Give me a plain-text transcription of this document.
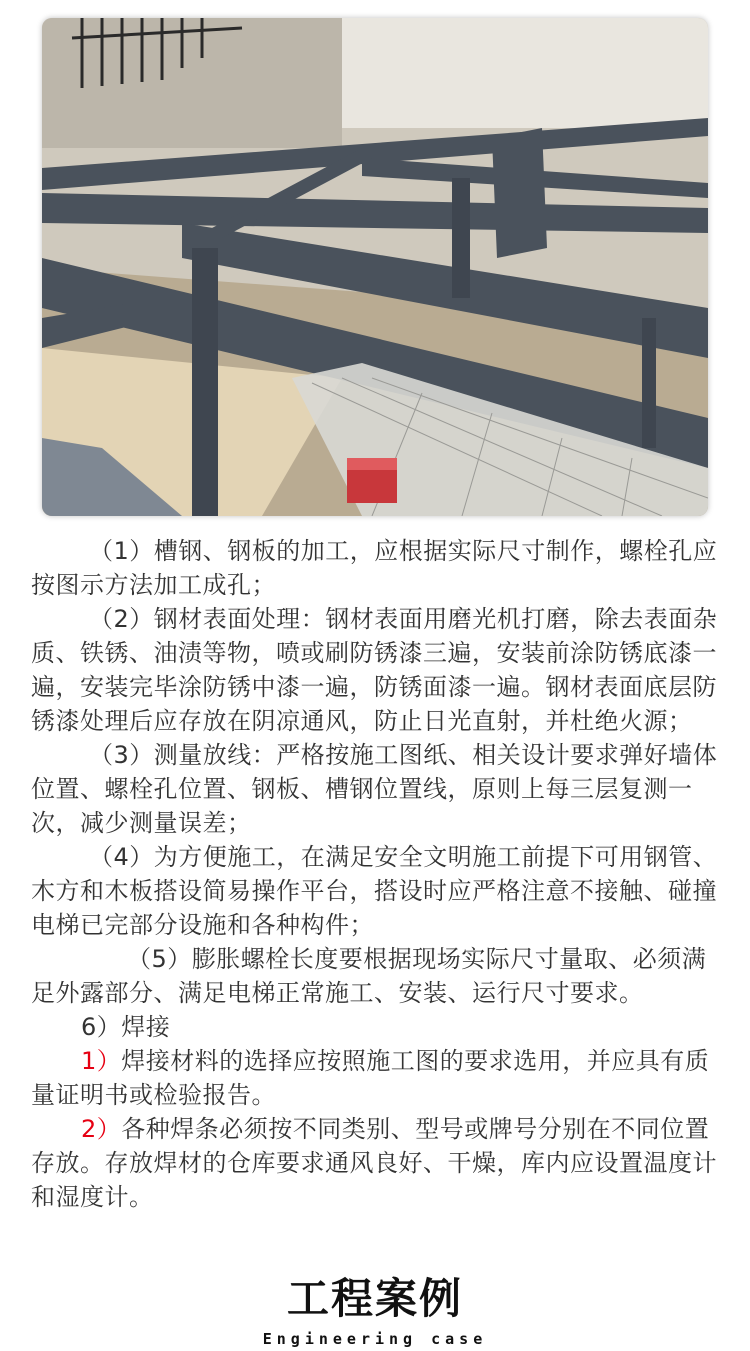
（1）槽钢、钢板的加工，应根据实际尺寸制作，螺栓孔应按图示方法加工成孔；

（2）钢材表面处理：钢材表面用磨光机打磨，除去表面杂质、铁锈、油渍等物，喷或刷防锈漆三遍，安装前涂防锈底漆一遍，安装完毕涂防锈中漆一遍，防锈面漆一遍。钢材表面底层防锈漆处理后应存放在阴凉通风，防止日光直射，并杜绝火源；

（3）测量放线：严格按施工图纸、相关设计要求弹好墙体位置、螺栓孔位置、钢板、槽钢位置线，原则上每三层复测一次，减少测量误差；

（4）为方便施工，在满足安全文明施工前提下可用钢管、木方和木板搭设简易操作平台，搭设时应严格注意不接触、碰撞电梯已完部分设施和各种构件；

（5）膨胀螺栓长度要根据现场实际尺寸量取、必须满足外露部分、满足电梯正常施工、安装、运行尺寸要求。

6）焊接

1）焊接材料的选择应按照施工图的要求选用，并应具有质量证明书或检验报告。

2）各种焊条必须按不同类别、型号或牌号分别在不同位置存放。存放焊材的仓库要求通风良好、干燥，库内应设置温度计和湿度计。

工程案例
Engineering case
